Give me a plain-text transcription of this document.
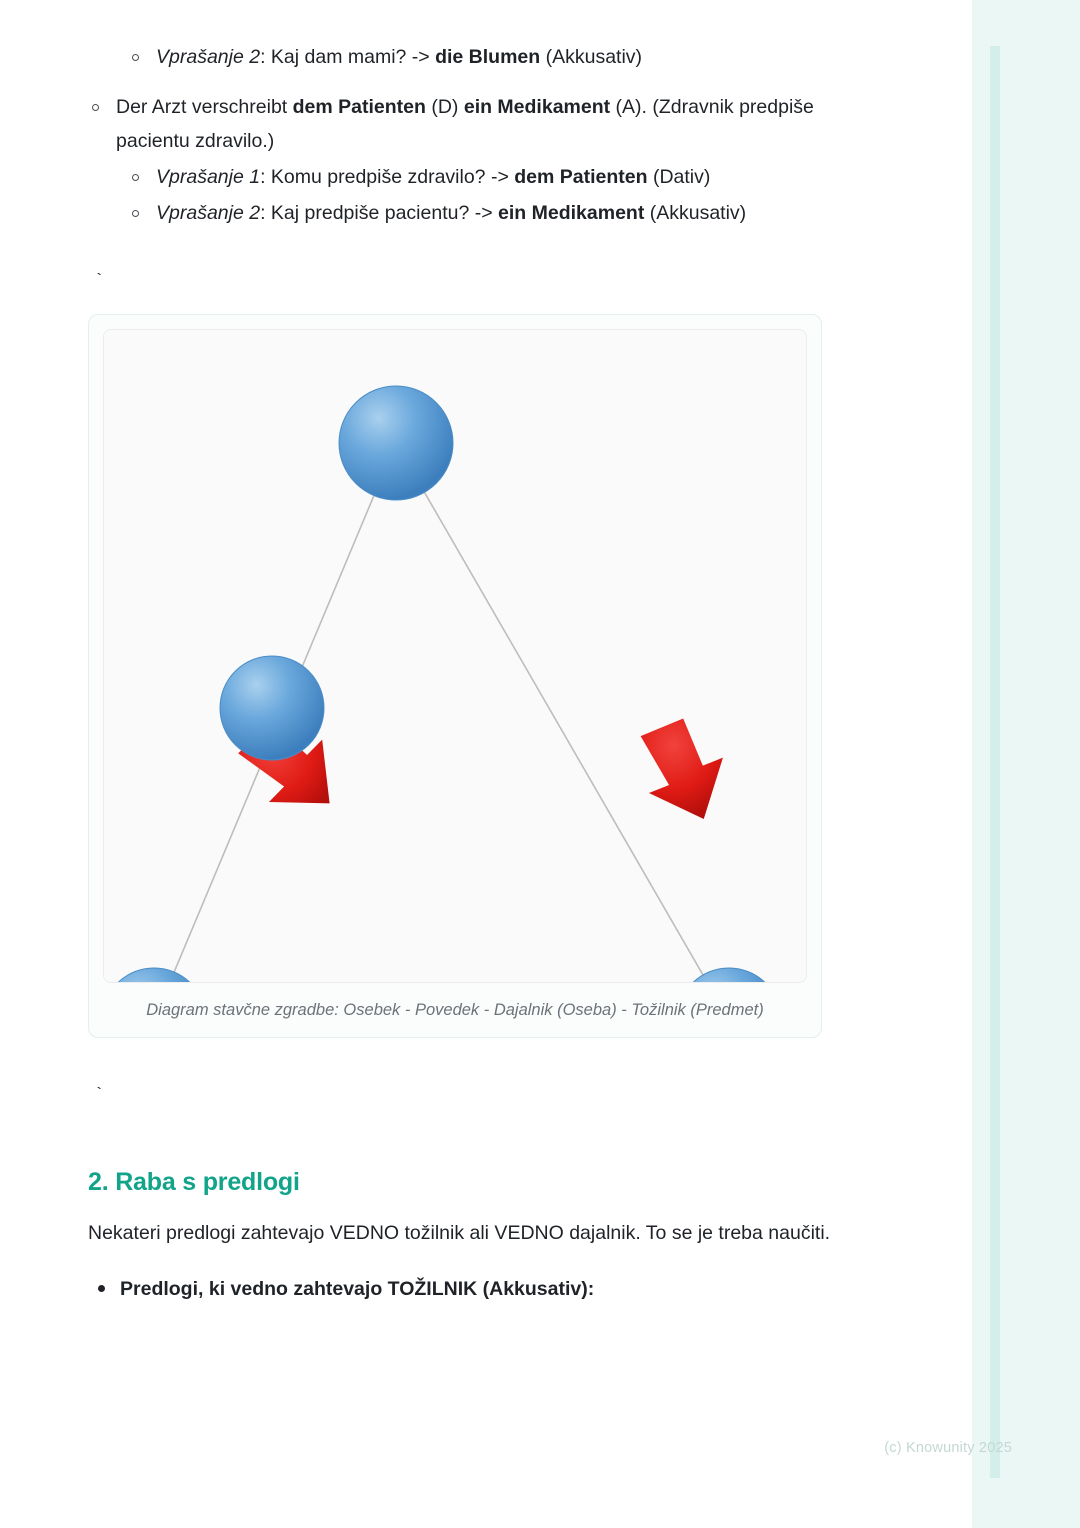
Vprašanje 2: Kaj dam mami? -> die Blumen (Akkusativ)
Der Arzt verschreibt dem Patienten (D) ein Medikament (A). (Zdravnik predpiše pacientu zdravilo.)
Vprašanje 1: Komu predpiše zdravilo? -> dem Patienten (Dativ)
Vprašanje 2: Kaj predpiše pacientu? -> ein Medikament (Akkusativ)
`
Diagram stavčne zgradbe: Osebek - Povedek - Dajalnik (Oseba) - Tožilnik (Predmet)
`
2. Raba s predlogi

Nekateri predlogi zahtevajo VEDNO tožilnik ali VEDNO dajalnik. To se je treba naučiti.

Predlogi, ki vedno zahtevajo TOŽILNIK (Akkusativ):
(c) Knowunity 2025
